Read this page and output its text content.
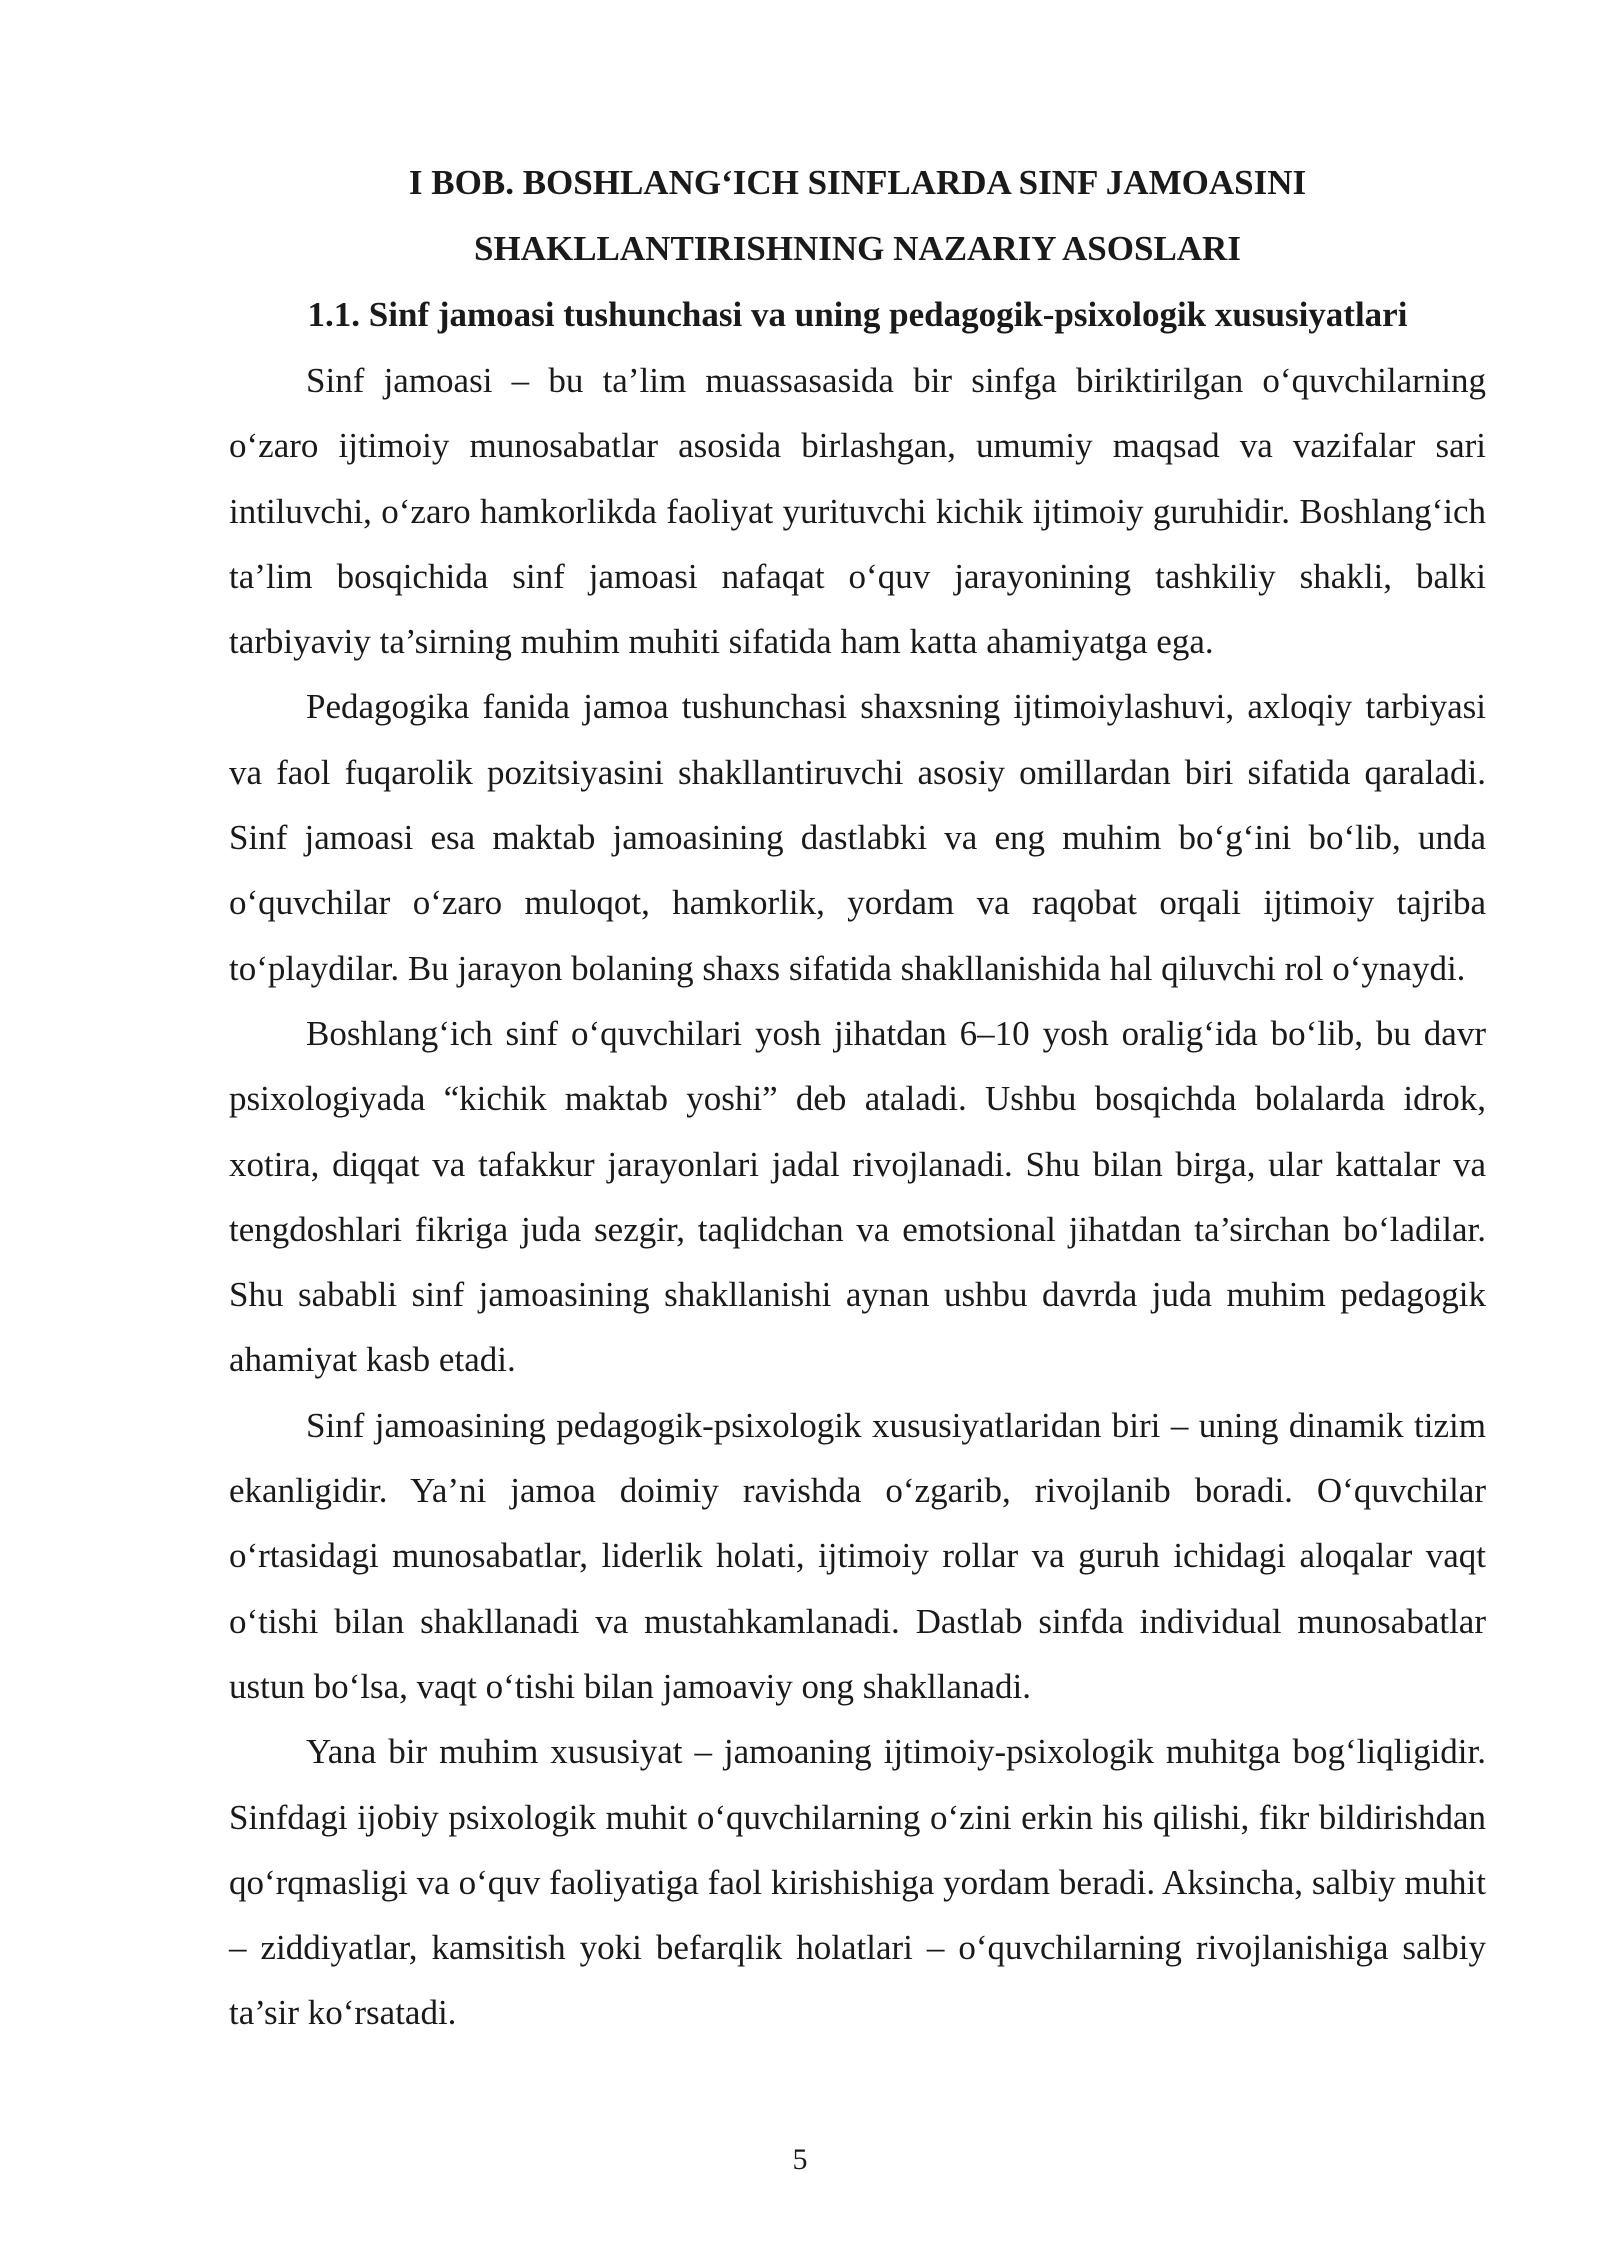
I BOB. BOSHLANG‘ICH SINFLARDA SINF JAMOASINI SHAKLLANTIRISHNING NAZARIY ASOSLARI
1.1. Sinf jamoasi tushunchasi va uning pedagogik-psixologik xususiyatlari

Sinf jamoasi – bu ta’lim muassasasida bir sinfga biriktirilgan o‘quvchilarning o‘zaro ijtimoiy munosabatlar asosida birlashgan, umumiy maqsad va vazifalar sari intiluvchi, o‘zaro hamkorlikda faoliyat yurituvchi kichik ijtimoiy guruhidir. Boshlang‘ich ta’lim bosqichida sinf jamoasi nafaqat o‘quv jarayonining tashkiliy shakli, balki tarbiyaviy ta’sirning muhim muhiti sifatida ham katta ahamiyatga ega.

Pedagogika fanida jamoa tushunchasi shaxsning ijtimoiylashuvi, axloqiy tarbiyasi va faol fuqarolik pozitsiyasini shakllantiruvchi asosiy omillardan biri sifatida qaraladi. Sinf jamoasi esa maktab jamoasining dastlabki va eng muhim bo‘g‘ini bo‘lib, unda o‘quvchilar o‘zaro muloqot, hamkorlik, yordam va raqobat orqali ijtimoiy tajriba to‘playdilar. Bu jarayon bolaning shaxs sifatida shakllanishida hal qiluvchi rol o‘ynaydi.

Boshlang‘ich sinf o‘quvchilari yosh jihatdan 6–10 yosh oralig‘ida bo‘lib, bu davr psixologiyada “kichik maktab yoshi” deb ataladi. Ushbu bosqichda bolalarda idrok, xotira, diqqat va tafakkur jarayonlari jadal rivojlanadi. Shu bilan birga, ular kattalar va tengdoshlari fikriga juda sezgir, taqlidchan va emotsional jihatdan ta’sirchan bo‘ladilar. Shu sababli sinf jamoasining shakllanishi aynan ushbu davrda juda muhim pedagogik ahamiyat kasb etadi.

Sinf jamoasining pedagogik-psixologik xususiyatlaridan biri – uning dinamik tizim ekanligidir. Ya’ni jamoa doimiy ravishda o‘zgarib, rivojlanib boradi. O‘quvchilar o‘rtasidagi munosabatlar, liderlik holati, ijtimoiy rollar va guruh ichidagi aloqalar vaqt o‘tishi bilan shakllanadi va mustahkamlanadi. Dastlab sinfda individual munosabatlar ustun bo‘lsa, vaqt o‘tishi bilan jamoaviy ong shakllanadi.

Yana bir muhim xususiyat – jamoaning ijtimoiy-psixologik muhitga bog‘liqligidir. Sinfdagi ijobiy psixologik muhit o‘quvchilarning o‘zini erkin his qilishi, fikr bildirishdan qo‘rqmasligi va o‘quv faoliyatiga faol kirishishiga yordam beradi. Aksincha, salbiy muhit – ziddiyatlar, kamsitish yoki befarqlik holatlari – o‘quvchilarning rivojlanishiga salbiy ta’sir ko‘rsatadi.

5
